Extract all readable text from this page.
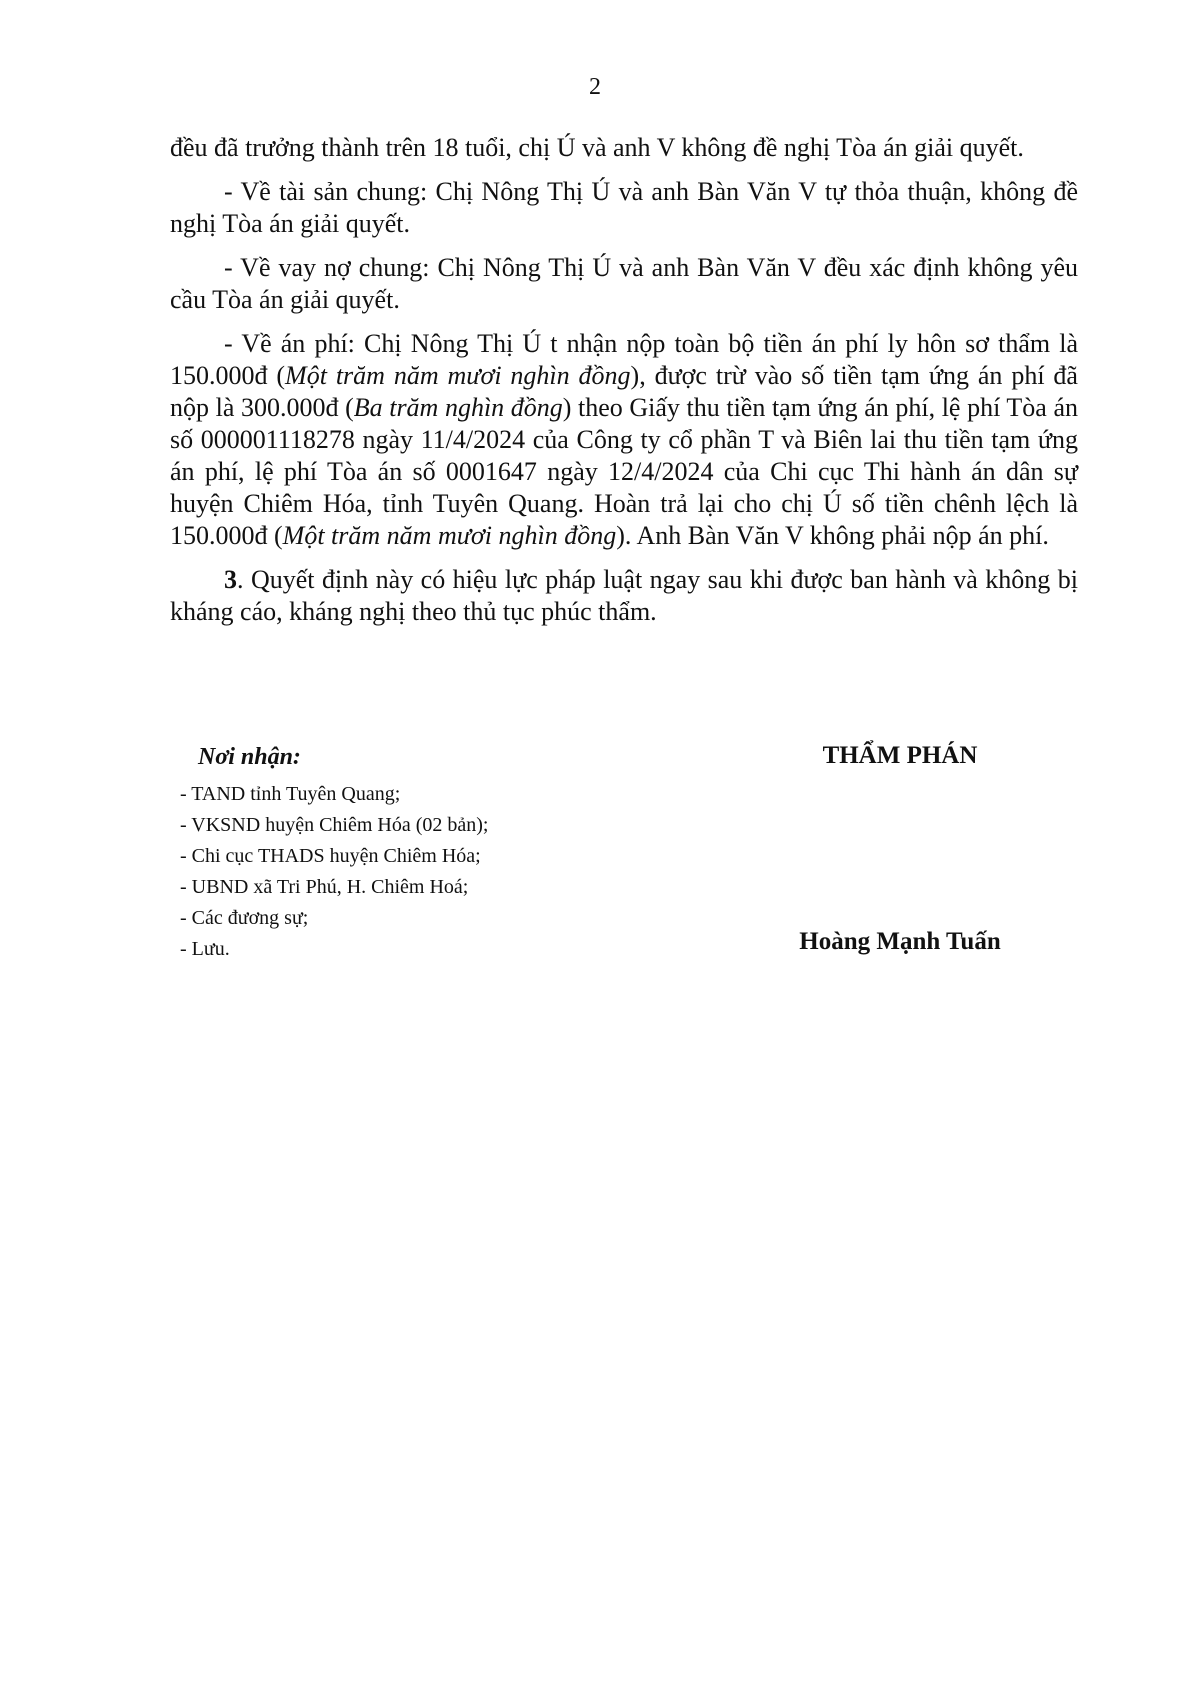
2

đều đã trưởng thành trên 18 tuổi, chị Ú và anh V không đề nghị Tòa án giải quyết.

- Về tài sản chung: Chị Nông Thị Ú và anh Bàn Văn V tự thỏa thuận, không đề nghị Tòa án giải quyết.

- Về vay nợ chung: Chị Nông Thị Ú và anh Bàn Văn V đều xác định không yêu cầu Tòa án giải quyết.

- Về án phí: Chị Nông Thị Ú t nhận nộp toàn bộ tiền án phí ly hôn sơ thẩm là 150.000đ (Một trăm năm mươi nghìn đồng), được trừ vào số tiền tạm ứng án phí đã nộp là 300.000đ (Ba trăm nghìn đồng) theo Giấy thu tiền tạm ứng án phí, lệ phí Tòa án số 000001118278 ngày 11/4/2024 của Công ty cổ phần T và Biên lai thu tiền tạm ứng án phí, lệ phí Tòa án số 0001647 ngày 12/4/2024 của Chi cục Thi hành án dân sự huyện Chiêm Hóa, tỉnh Tuyên Quang. Hoàn trả lại cho chị Ú số tiền chênh lệch là 150.000đ (Một trăm năm mươi nghìn đồng). Anh Bàn Văn V không phải nộp án phí.

3. Quyết định này có hiệu lực pháp luật ngay sau khi được ban hành và không bị kháng cáo, kháng nghị theo thủ tục phúc thẩm.

Nơi nhận:
- TAND tỉnh Tuyên Quang;
- VKSND huyện Chiêm Hóa (02 bản);
- Chi cục THADS huyện Chiêm Hóa;
- UBND xã Tri Phú, H. Chiêm Hoá;
- Các đương sự;
- Lưu.
THẨM PHÁN
Hoàng Mạnh Tuấn
